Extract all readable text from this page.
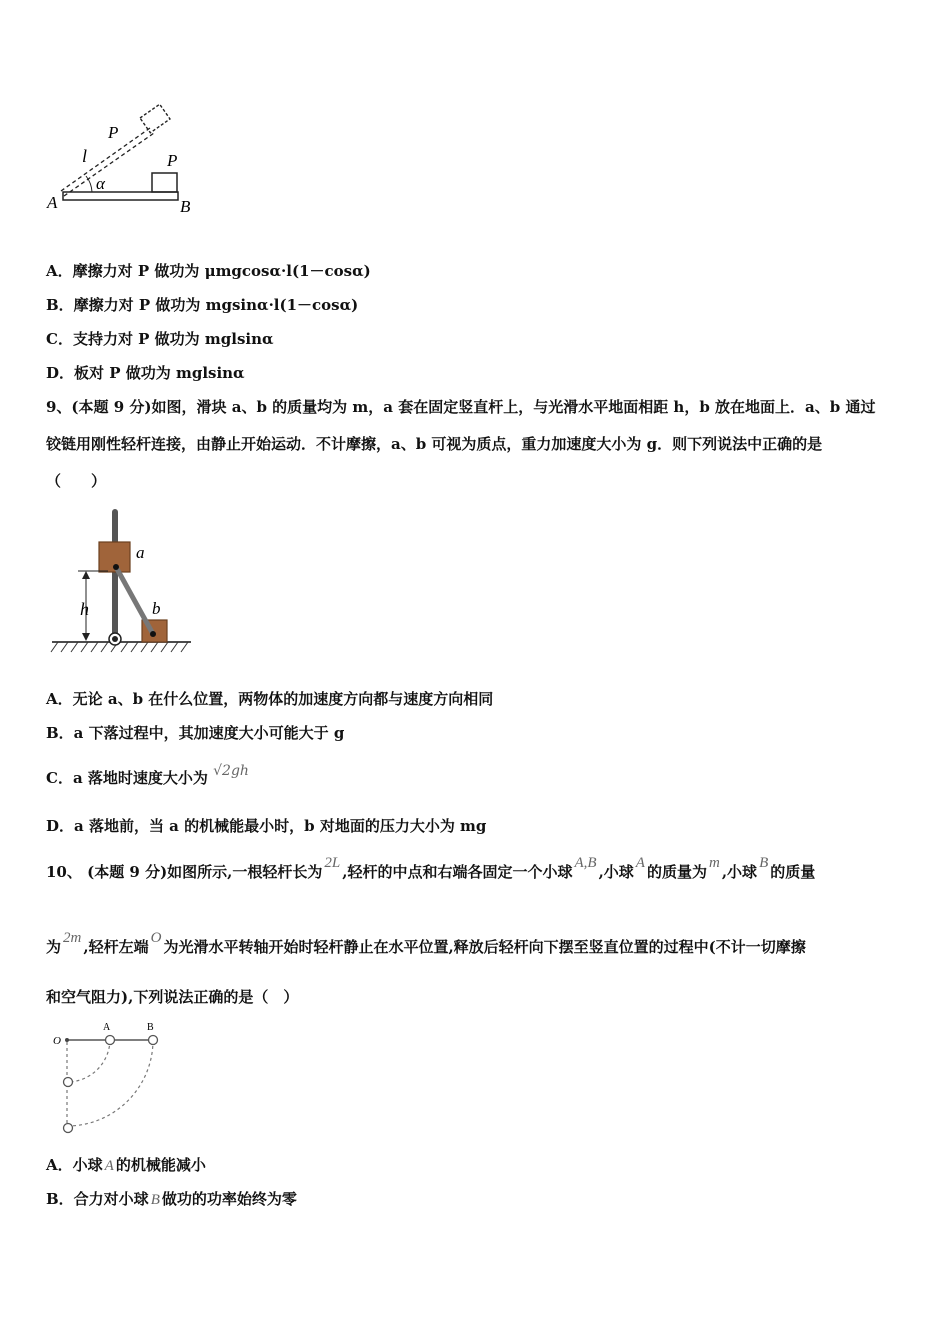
P
P
l
α
A	B
A．摩擦力对 P 做功为 μmgcosα·l(1－cosα)
B．摩擦力对 P 做功为 mgsinα·l(1－cosα)
C．支持力对 P 做功为 mglsinα
D．板对 P 做功为 mglsinα
9、(本题 9 分)如图，滑块 a、b 的质量均为 m，a 套在固定竖直杆上，与光滑水平地面相距 h，b 放在地面上．a、b 通过
铰链用刚性轻杆连接，由静止开始运动．不计摩擦，a、b 可视为质点，重力加速度大小为 g．则下列说法中正确的是
（　　）
a
b
h
A．无论 a、b 在什么位置，两物体的加速度方向都与速度方向相同
B．a 下落过程中，其加速度大小可能大于 g
C．a 落地时速度大小为 √2gh
D．a 落地前，当 a 的机械能最小时，b 对地面的压力大小为 mg
10、 (本题 9 分)如图所示,一根轻杆长为 2L ,轻杆的中点和右端各固定一个小球 A,B ,小球 A 的质量为 m ,小球 B 的质量
为 2m ,轻杆左端 O 为光滑水平转轴开始时轻杆静止在水平位置,释放后轻杆向下摆至竖直位置的过程中(不计一切摩擦
和空气阻力),下列说法正确的是（　）
O
A	B
A．小球 A 的机械能减小
B．合力对小球 B 做功的功率始终为零
